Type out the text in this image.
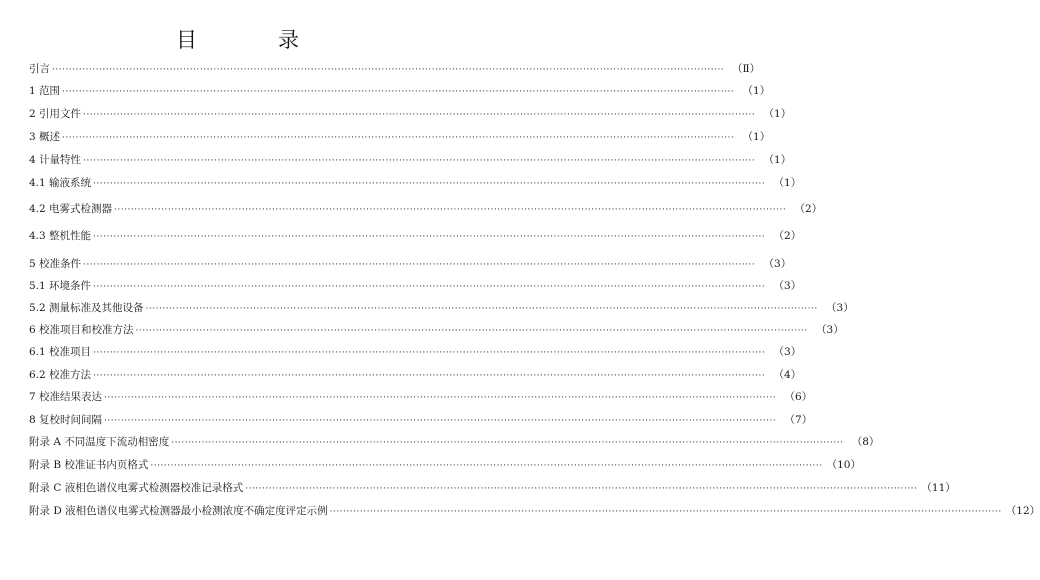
目　录
引言 ········································································································································································································ （Ⅱ）
1 范围 ········································································································································································································ （1）
2 引用文件 ········································································································································································································ （1）
3 概述 ········································································································································································································ （1）
4 计量特性 ········································································································································································································ （1）
4.1 输液系统 ········································································································································································································ （1）
4.2 电雾式检测器 ········································································································································································································ （2）
4.3 整机性能 ········································································································································································································ （2）
5 校准条件 ········································································································································································································ （3）
5.1 环境条件 ········································································································································································································ （3）
5.2 测量标准及其他设备 ········································································································································································································ （3）
6 校准项目和校准方法 ········································································································································································································ （3）
6.1 校准项目 ········································································································································································································ （3）
6.2 校准方法 ········································································································································································································ （4）
7 校准结果表达 ········································································································································································································ （6）
8 复校时间间隔 ········································································································································································································ （7）
附录 A 不同温度下流动相密度 ········································································································································································································ （8）
附录 B 校准证书内页格式 ········································································································································································································ （10）
附录 C 液相色谱仪电雾式检测器校准记录格式 ········································································································································································································ （11）
附录 D 液相色谱仪电雾式检测器最小检测浓度不确定度评定示例 ········································································································································································································ （12）
